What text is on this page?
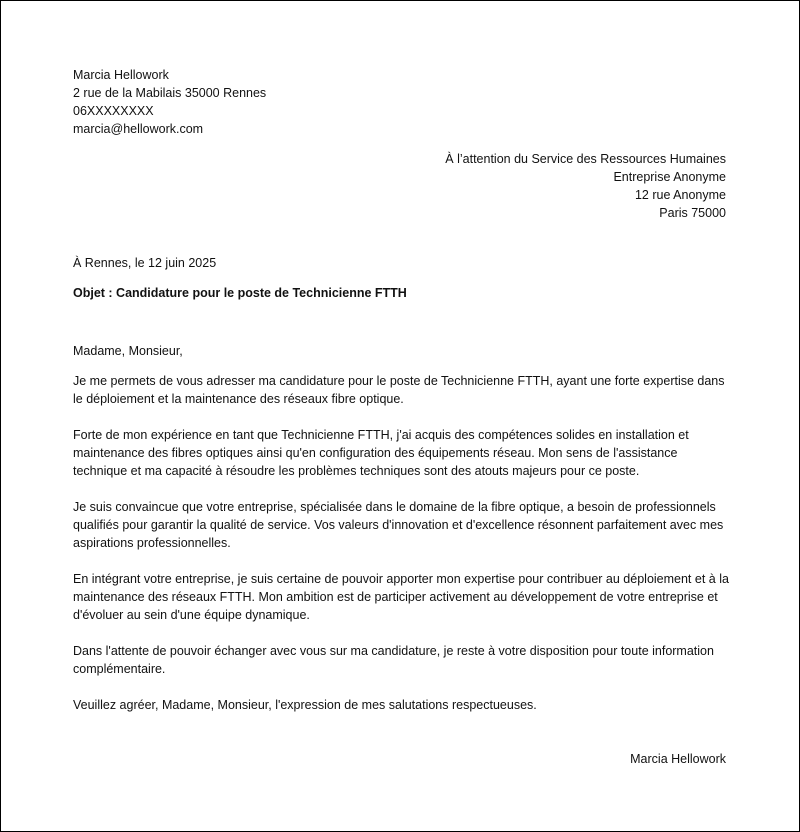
Marcia Hellowork
2 rue de la Mabilais 35000 Rennes
06XXXXXXXX
marcia@hellowork.com
À l’attention du Service des Ressources Humaines
Entreprise Anonyme
12 rue Anonyme
Paris 75000
À Rennes, le 12 juin 2025
Objet : Candidature pour le poste de Technicienne FTTH
Madame, Monsieur,

Je me permets de vous adresser ma candidature pour le poste de Technicienne FTTH, ayant une forte expertise dans le déploiement et la maintenance des réseaux fibre optique.

Forte de mon expérience en tant que Technicienne FTTH, j'ai acquis des compétences solides en installation et maintenance des fibres optiques ainsi qu'en configuration des équipements réseau. Mon sens de l'assistance technique et ma capacité à résoudre les problèmes techniques sont des atouts majeurs pour ce poste.

Je suis convaincue que votre entreprise, spécialisée dans le domaine de la fibre optique, a besoin de professionnels qualifiés pour garantir la qualité de service. Vos valeurs d'innovation et d'excellence résonnent parfaitement avec mes aspirations professionnelles.

En intégrant votre entreprise, je suis certaine de pouvoir apporter mon expertise pour contribuer au déploiement et à la maintenance des réseaux FTTH. Mon ambition est de participer activement au développement de votre entreprise et d'évoluer au sein d'une équipe dynamique.

Dans l'attente de pouvoir échanger avec vous sur ma candidature, je reste à votre disposition pour toute information complémentaire.

Veuillez agréer, Madame, Monsieur, l'expression de mes salutations respectueuses.

Marcia Hellowork
